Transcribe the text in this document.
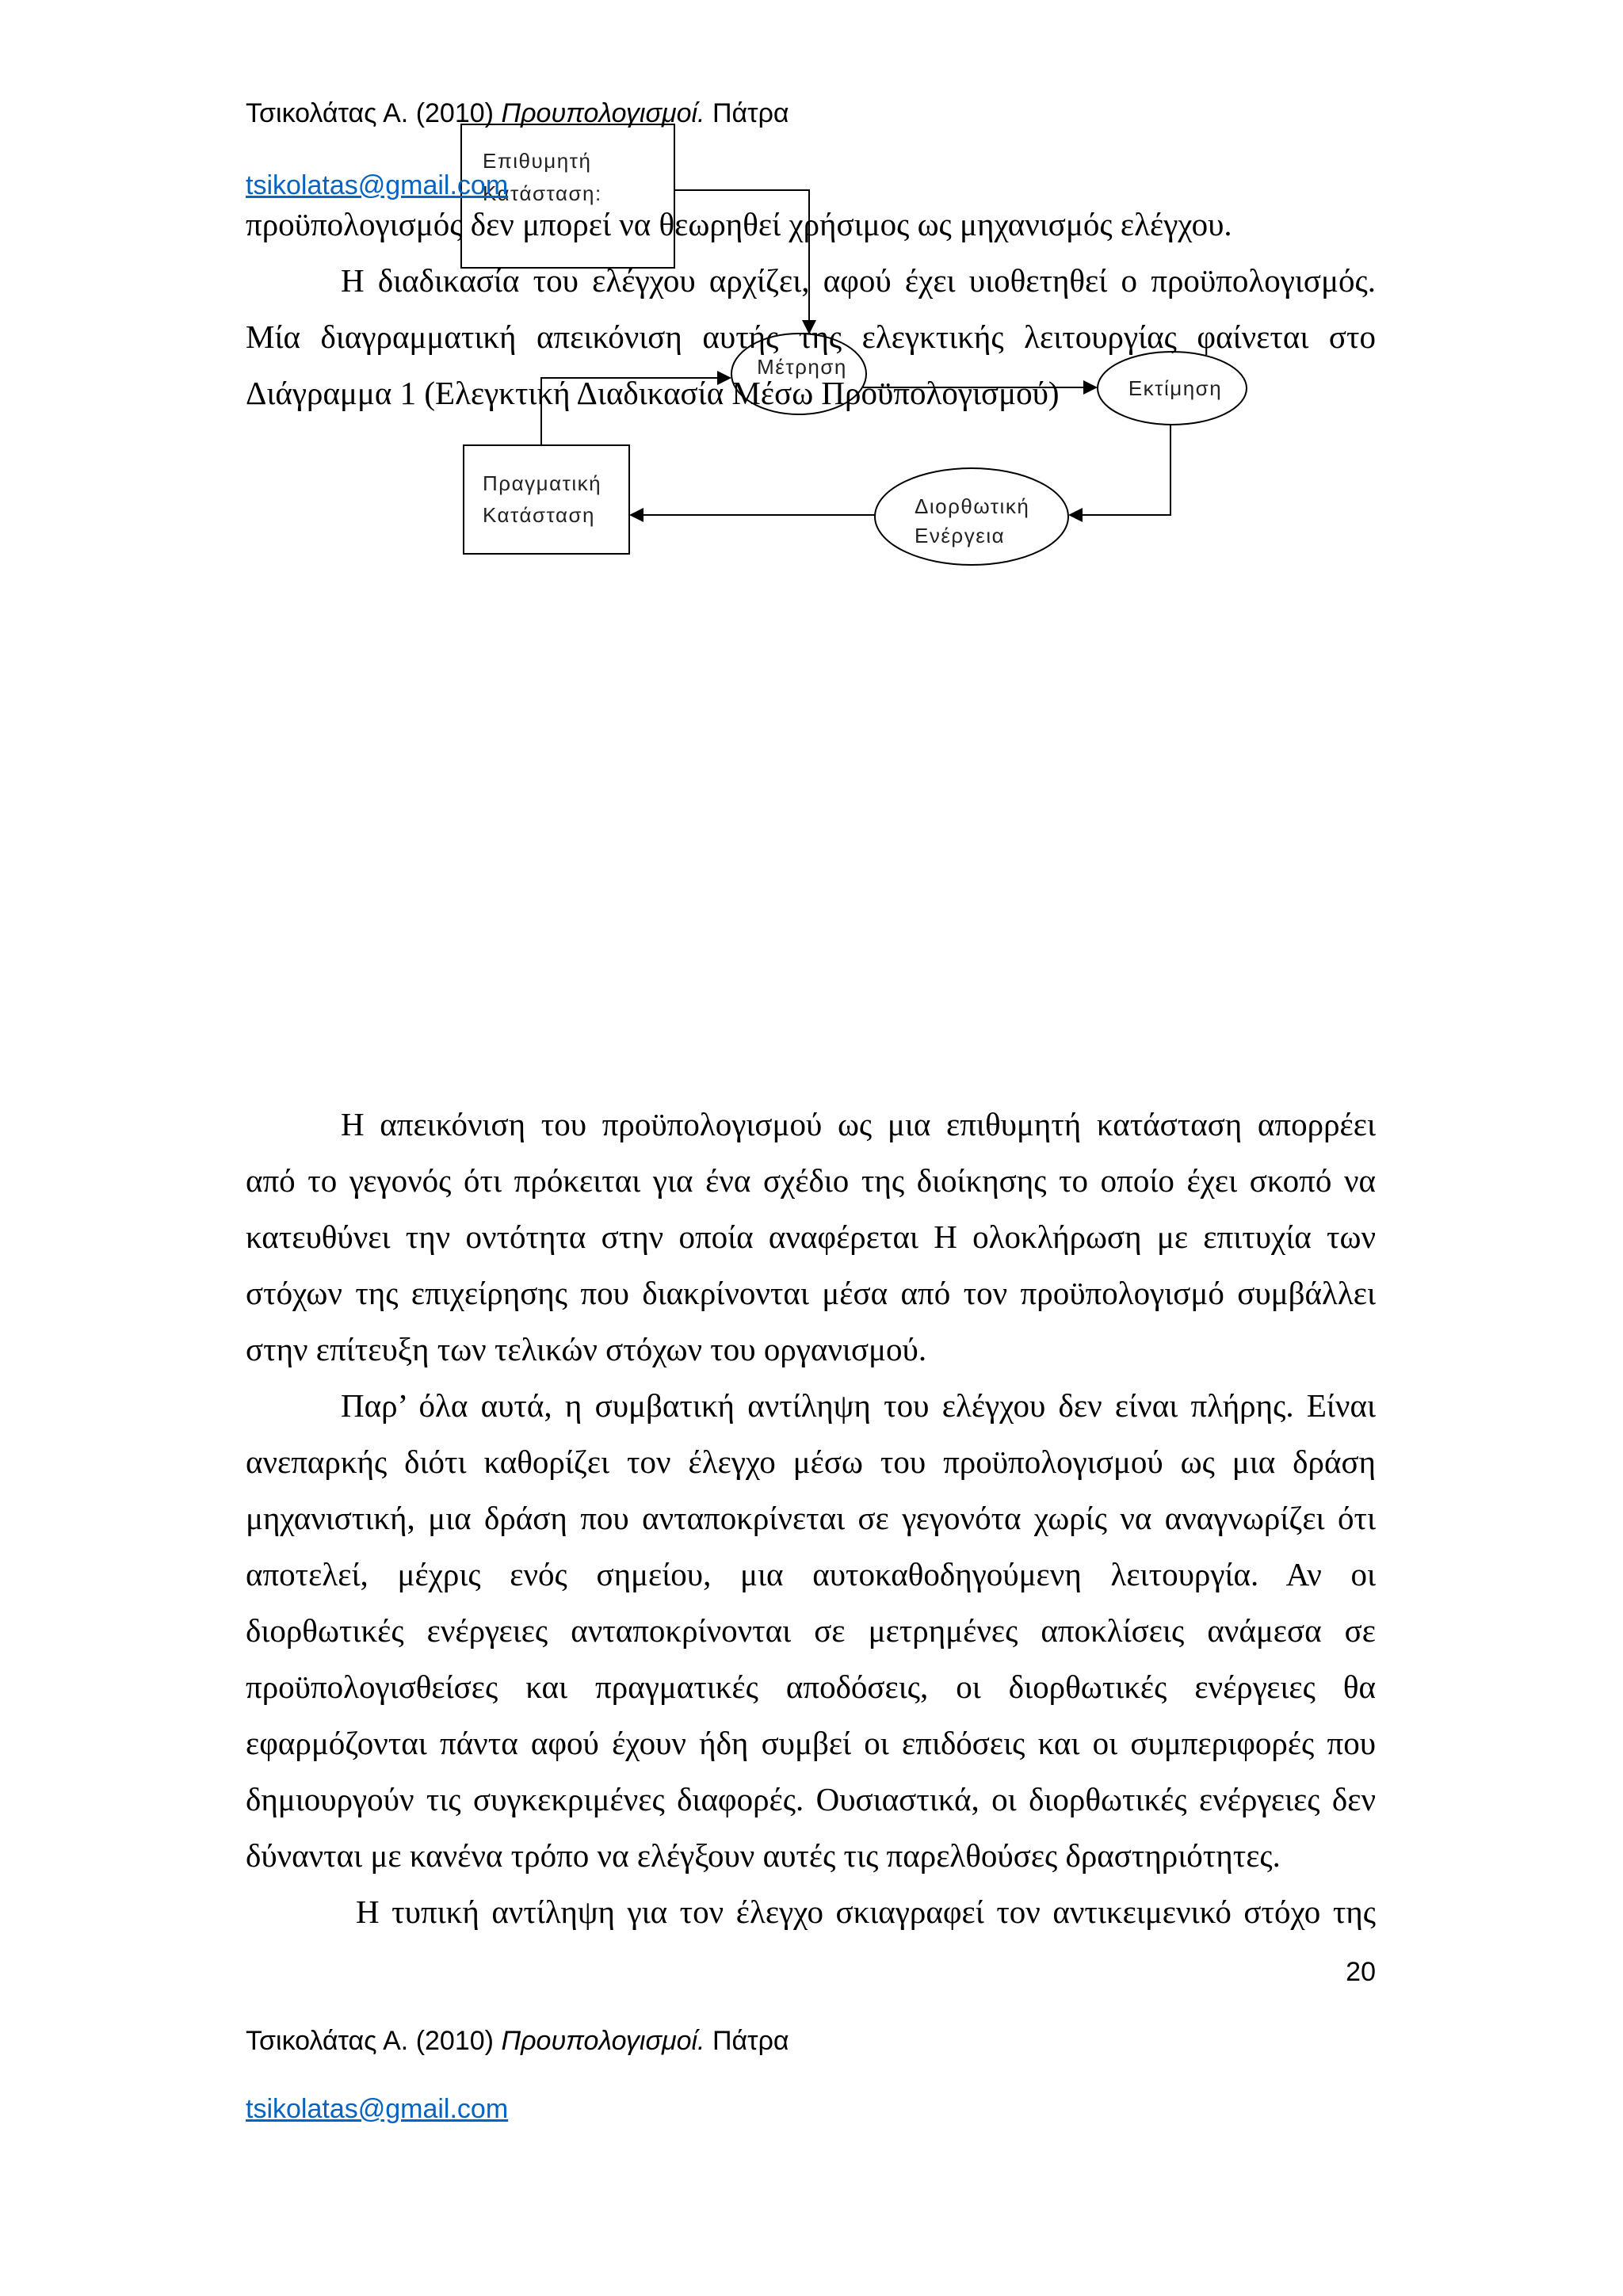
Επιθυμητή
Κατάσταση:
Μέτρηση
Εκτίμηση
Διορθωτική
Ενέργεια
Πραγματική
Κατάσταση
Τσικολάτας Α. (2010) Προυπολογισμοί. Πάτρα
tsikolatas@gmail.com
προϋπολογισμός δεν μπορεί να θεωρηθεί χρήσιμος ως μηχανισμός ελέγχου.
Η διαδικασία του ελέγχου αρχίζει, αφού έχει υιοθετηθεί ο προϋπολογισμός.
Μία διαγραμματική απεικόνιση αυτής της ελεγκτικής λειτουργίας φαίνεται στο
Διάγραμμα 1 (Ελεγκτική Διαδικασία Μέσω Προϋπολογισμού)
Η απεικόνιση του προϋπολογισμού ως μια επιθυμητή κατάσταση απορρέει
από το γεγονός ότι πρόκειται για ένα σχέδιο της διοίκησης το οποίο έχει σκοπό να
κατευθύνει την οντότητα στην οποία αναφέρεται Η ολοκλήρωση με επιτυχία των
στόχων της επιχείρησης που διακρίνονται μέσα από τον προϋπολογισμό συμβάλλει
στην επίτευξη των τελικών στόχων του οργανισμού.
Παρ’ όλα αυτά, η συμβατική αντίληψη του ελέγχου δεν είναι πλήρης. Είναι
ανεπαρκής διότι καθορίζει τον έλεγχο μέσω του προϋπολογισμού ως μια δράση
μηχανιστική, μια δράση που ανταποκρίνεται σε γεγονότα χωρίς να αναγνωρίζει ότι
αποτελεί, μέχρις ενός σημείου, μια αυτοκαθοδηγούμενη λειτουργία. Αν οι
διορθωτικές ενέργειες ανταποκρίνονται σε μετρημένες αποκλίσεις ανάμεσα σε
προϋπολογισθείσες και πραγματικές αποδόσεις, οι διορθωτικές ενέργειες θα
εφαρμόζονται πάντα αφού έχουν ήδη συμβεί οι επιδόσεις και οι συμπεριφορές που
δημιουργούν τις συγκεκριμένες διαφορές. Ουσιαστικά, οι διορθωτικές ενέργειες δεν
δύνανται με κανένα τρόπο να ελέγξουν αυτές τις παρελθούσες δραστηριότητες.
Η τυπική αντίληψη για τον έλεγχο σκιαγραφεί τον αντικειμενικό στόχο της
20
Τσικολάτας Α. (2010) Προυπολογισμοί. Πάτρα
tsikolatas@gmail.com
